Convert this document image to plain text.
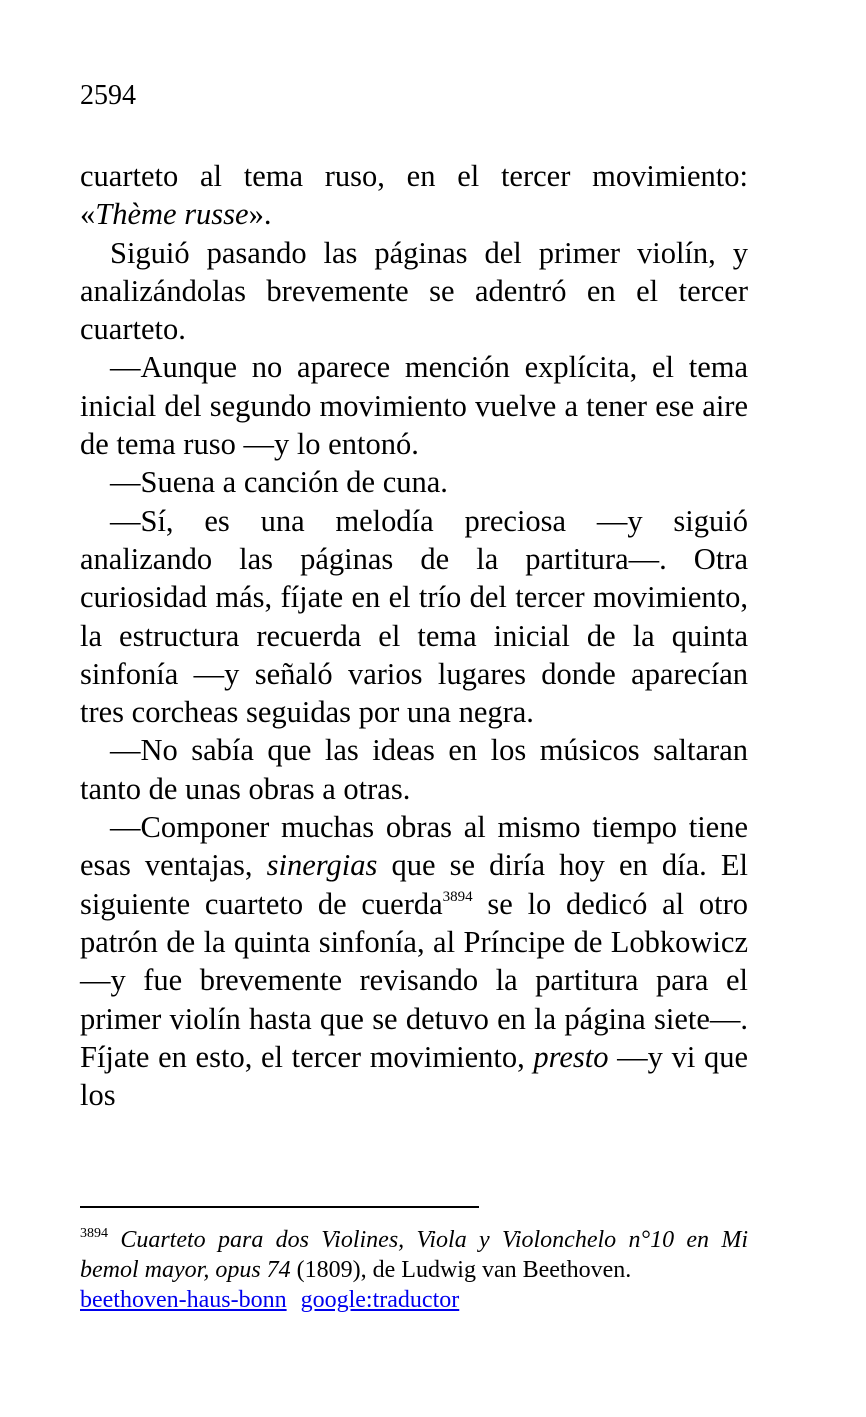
2594

cuarteto al tema ruso, en el tercer movimiento: «Thème russe».

Siguió pasando las páginas del primer violín, y analizándolas brevemente se adentró en el tercer cuarteto.

—Aunque no aparece mención explícita, el tema inicial del segundo movimiento vuelve a tener ese aire de tema ruso —y lo entonó.

—Suena a canción de cuna.

—Sí, es una melodía preciosa —y siguió analizando las páginas de la partitura—. Otra curiosidad más, fíjate en el trío del tercer movimiento, la estructura recuerda el tema inicial de la quinta sinfonía —y señaló varios lugares donde aparecían tres corcheas seguidas por una negra.

—No sabía que las ideas en los músicos saltaran tanto de unas obras a otras.

—Componer muchas obras al mismo tiempo tiene esas ventajas, sinergias que se diría hoy en día. El siguiente cuarteto de cuerda$^{3894}$ se lo dedicó al otro patrón de la quinta sinfonía, al Príncipe de Lobkowicz —y fue brevemente revisando la partitura para el primer violín hasta que se detuvo en la página siete—. Fíjate en esto, el tercer movimiento, presto —y vi que los

$^{3894}$ Cuarteto para dos Violines, Viola y Violonchelo n°10 en Mi bemol mayor, opus 74 (1809), de Ludwig van Beethoven.
beethoven-haus-bonn google:traductor
